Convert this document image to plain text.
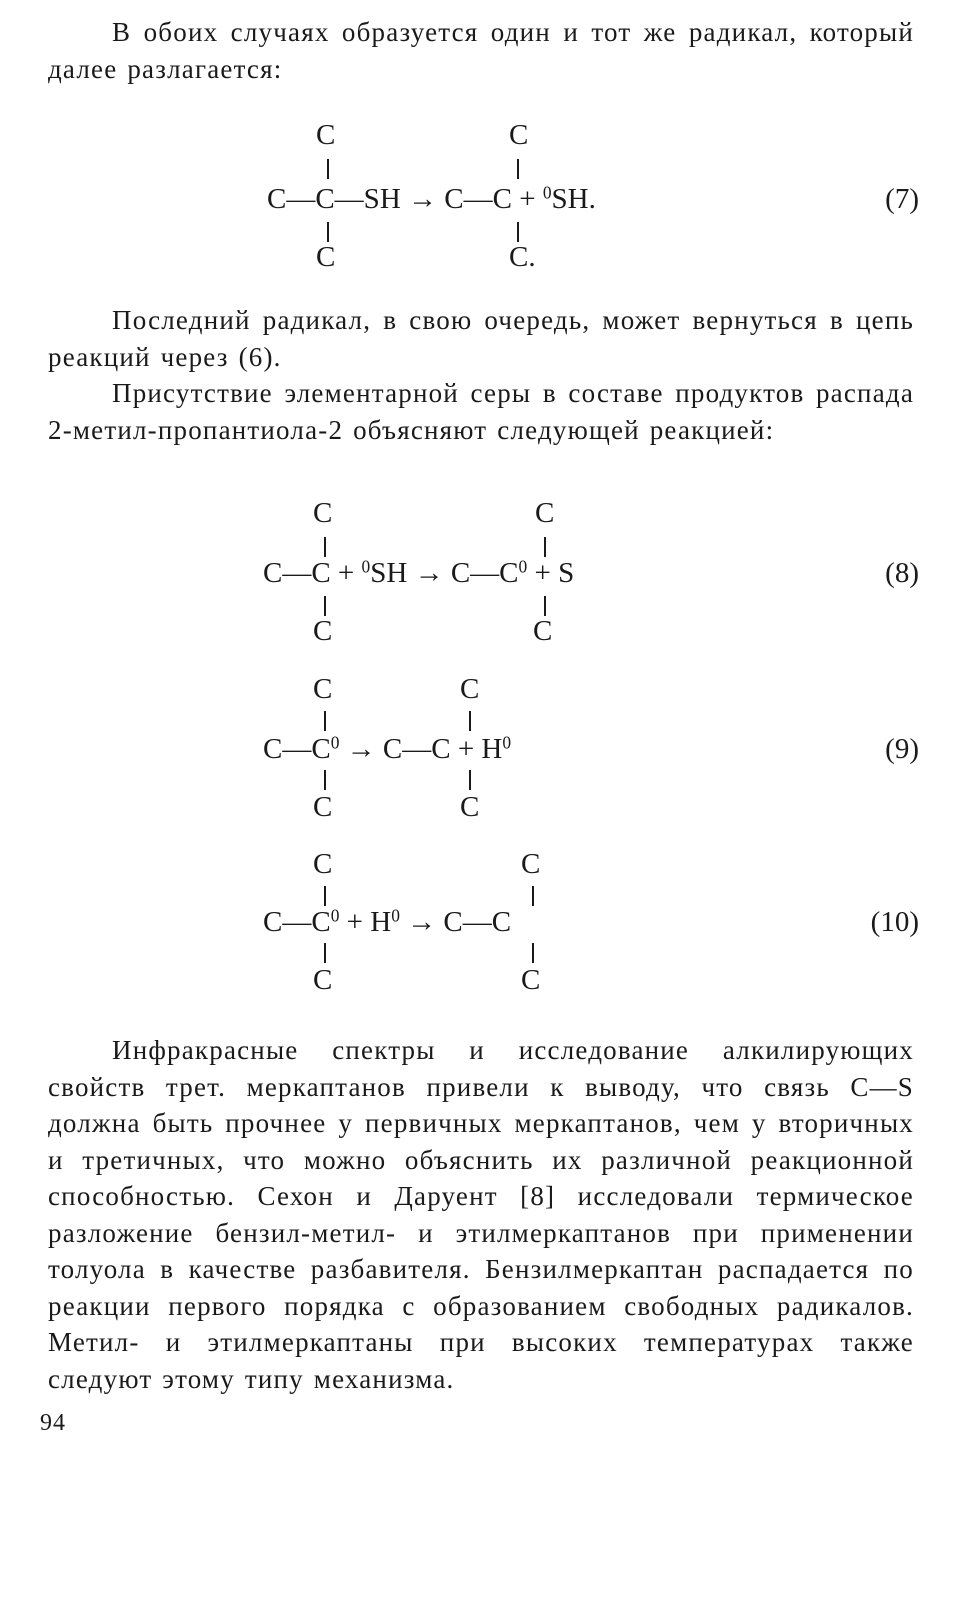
В обоих случаях образуется один и тот же радикал, который далее разлагается:

C	C
C—C—SH → C—C + $^0$SH.	(7)
C	C.

Последний радикал, в свою очередь, может вернуться в цепь реакций через (6).

Присутствие элементарной серы в составе продуктов распада 2-метил-пропантиола-2 объясняют следующей реакцией:

C	C
C—C + $^0SH \to C—C^0 + S$	(8)
C	C
C	C
$C—C^0$ → C—C + $H^0$	(9)
C	C
C	C
$C—C^0 + H^0$ → C—C	(10)
C	C

Инфракрасные спектры и исследование алкилирующих свойств трет. меркаптанов привели к выводу, что связь C—S должна быть прочнее у первичных меркаптанов, чем у вторичных и третичных, что можно объяснить их различной реакционной способностью. Сехон и Даруент [8] исследовали термическое разложение бензил-метил- и этилмеркаптанов при применении толуола в качестве разбавителя. Бензилмеркаптан распадается по реакции первого порядка с образованием свободных радикалов. Метил- и этилмеркаптаны при высоких температурах также следуют этому типу механизма.

94
